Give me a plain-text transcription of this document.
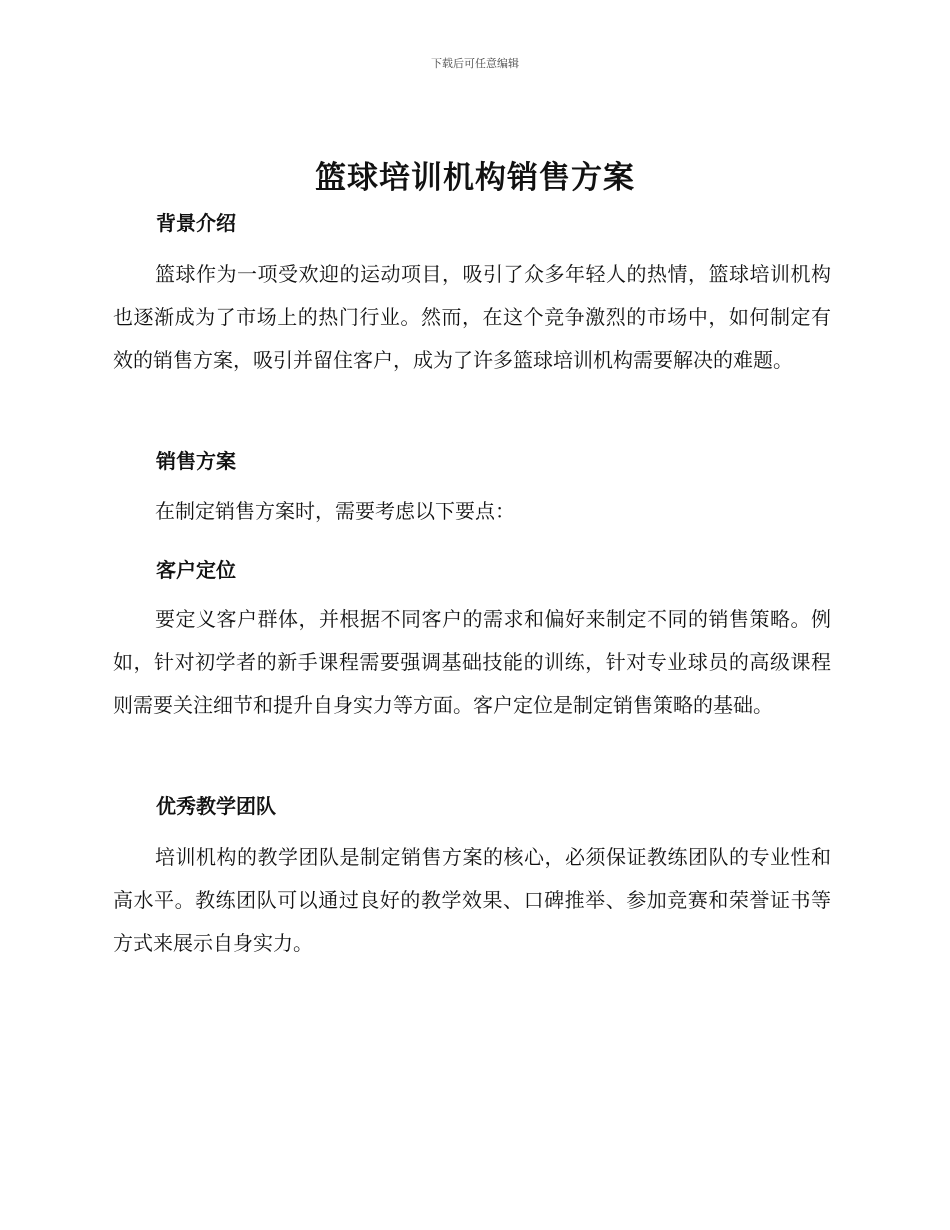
下载后可任意编辑
篮球培训机构销售方案
背景介绍

篮球作为一项受欢迎的运动项目，吸引了众多年轻人的热情，篮球培训机构也逐渐成为了市场上的热门行业。然而，在这个竞争激烈的市场中，如何制定有效的销售方案，吸引并留住客户，成为了许多篮球培训机构需要解决的难题。

销售方案

在制定销售方案时，需要考虑以下要点：

客户定位

要定义客户群体，并根据不同客户的需求和偏好来制定不同的销售策略。例如，针对初学者的新手课程需要强调基础技能的训练，针对专业球员的高级课程则需要关注细节和提升自身实力等方面。客户定位是制定销售策略的基础。

优秀教学团队

培训机构的教学团队是制定销售方案的核心，必须保证教练团队的专业性和高水平。教练团队可以通过良好的教学效果、口碑推举、参加竞赛和荣誉证书等方式来展示自身实力。
